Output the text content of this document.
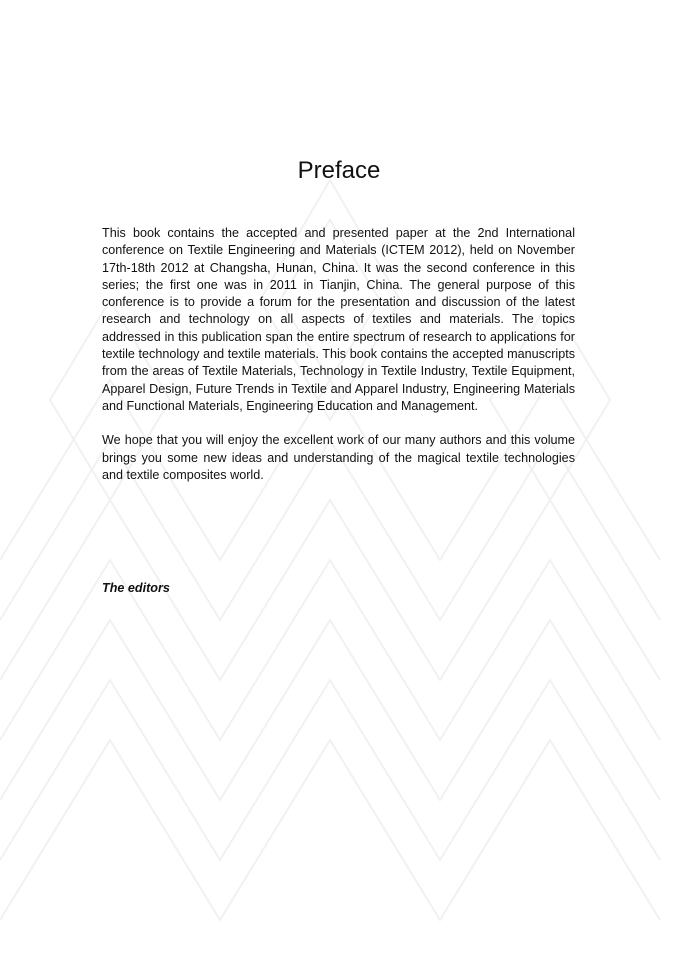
Preface

This book contains the accepted and presented paper at the 2nd International conference on Textile Engineering and Materials (ICTEM 2012), held on November 17th-18th 2012 at Changsha, Hunan, China. It was the second conference in this series; the first one was in 2011 in Tianjin, China. The general purpose of this conference is to provide a forum for the presentation and discussion of the latest research and technology on all aspects of textiles and materials. The topics addressed in this publication span the entire spectrum of research to applications for textile technology and textile materials. This book contains the accepted manuscripts from the areas of Textile Materials, Technology in Textile Industry, Textile Equipment, Apparel Design, Future Trends in Textile and Apparel Industry, Engineering Materials and Functional Materials, Engineering Education and Management.

We hope that you will enjoy the excellent work of our many authors and this volume brings you some new ideas and understanding of the magical textile technologies and textile composites world.

The editors
